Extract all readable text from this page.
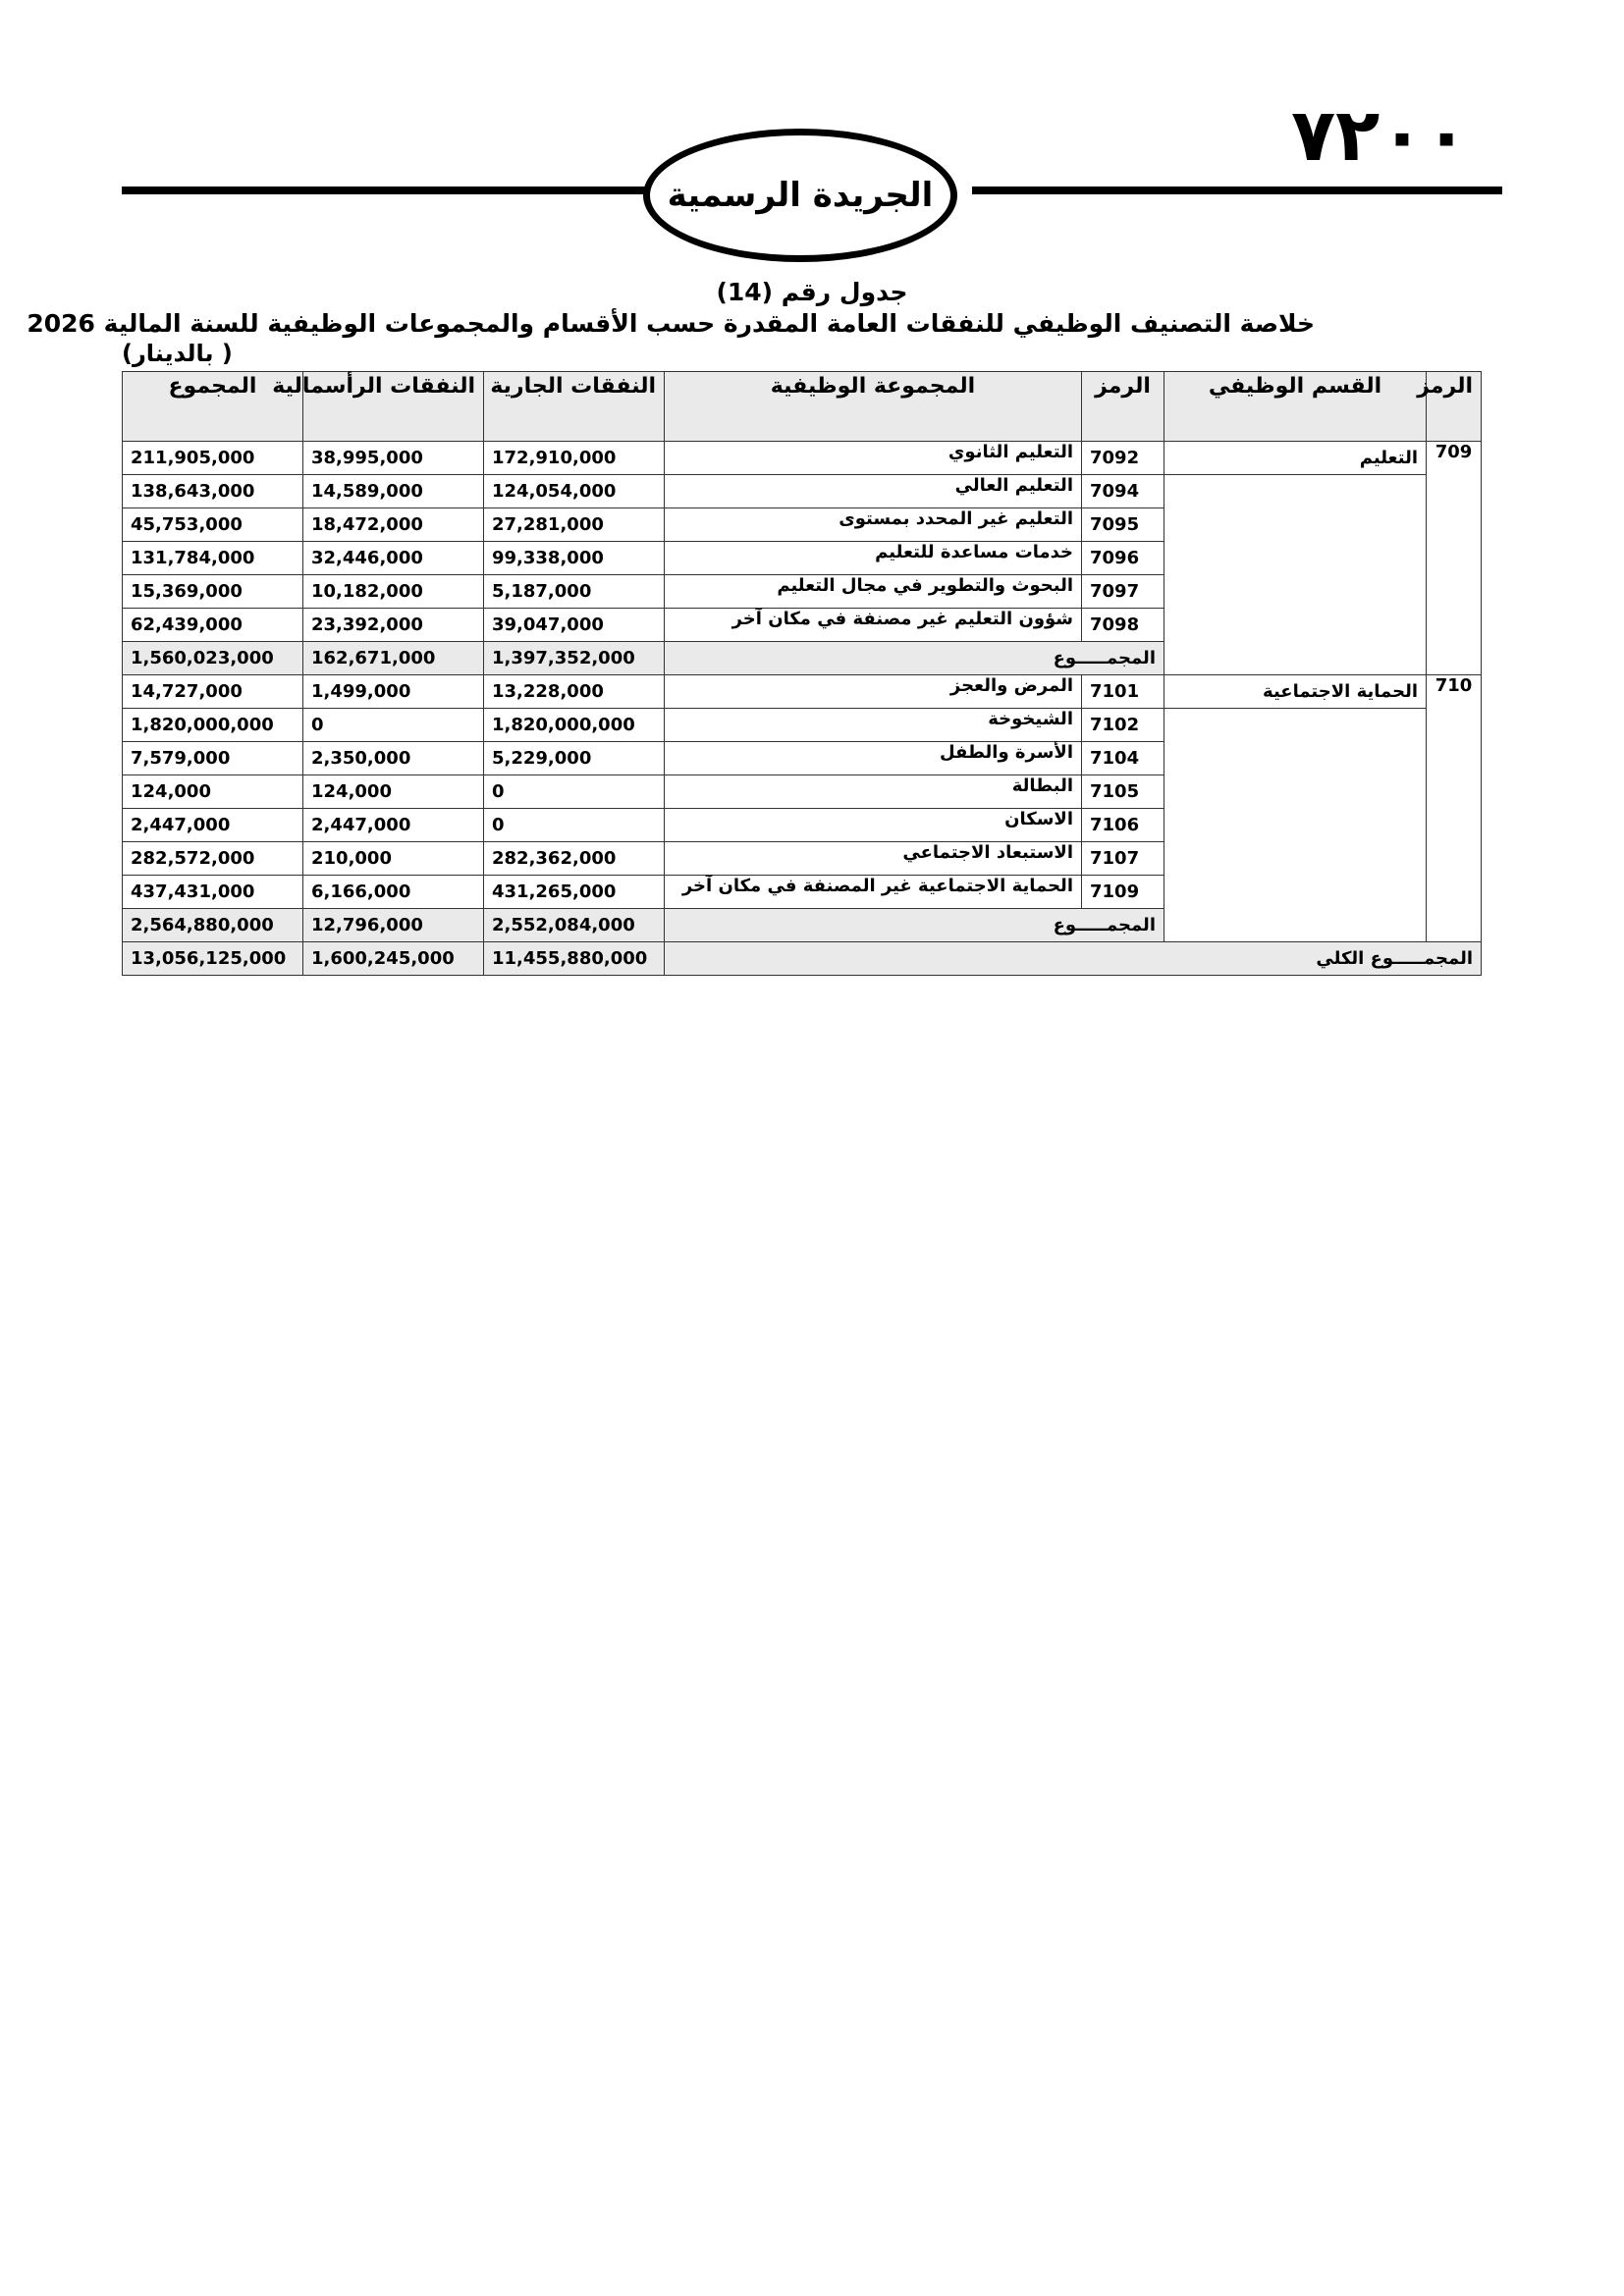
٧٢٠٠
الجريدة الرسمية
جدول رقم (14)
خلاصة التصنيف الوظيفي للنفقات العامة المقدرة حسب الأقسام والمجموعات الوظيفية للسنة المالية 2026
( بالدينار)
الرمز	القسم الوظيفي	الرمز	المجموعة الوظيفية	النفقات الجارية	النفقات الرأسمالية	المجموع
709	التعليم	7092	التعليم الثانوي	172,910,000	38,995,000	211,905,000
		7094	التعليم العالي	124,054,000	14,589,000	138,643,000
		7095	التعليم غير المحدد بمستوى	27,281,000	18,472,000	45,753,000
		7096	خدمات مساعدة للتعليم	99,338,000	32,446,000	131,784,000
		7097	البحوث والتطوير في مجال التعليم	5,187,000	10,182,000	15,369,000
		7098	شؤون التعليم غير مصنفة في مكان آخر	39,047,000	23,392,000	62,439,000
		المجمـــــوع		1,397,352,000	162,671,000	1,560,023,000
710	الحماية الاجتماعية	7101	المرض والعجز	13,228,000	1,499,000	14,727,000
		7102	الشيخوخة	1,820,000,000	0	1,820,000,000
		7104	الأسرة والطفل	5,229,000	2,350,000	7,579,000
		7105	البطالة	0	124,000	124,000
		7106	الاسكان	0	2,447,000	2,447,000
		7107	الاستبعاد الاجتماعي	282,362,000	210,000	282,572,000
		7109	الحماية الاجتماعية غير المصنفة في مكان آخر	431,265,000	6,166,000	437,431,000
		المجمـــــوع		2,552,084,000	12,796,000	2,564,880,000
المجمـــــوع الكلي				11,455,880,000	1,600,245,000	13,056,125,000
